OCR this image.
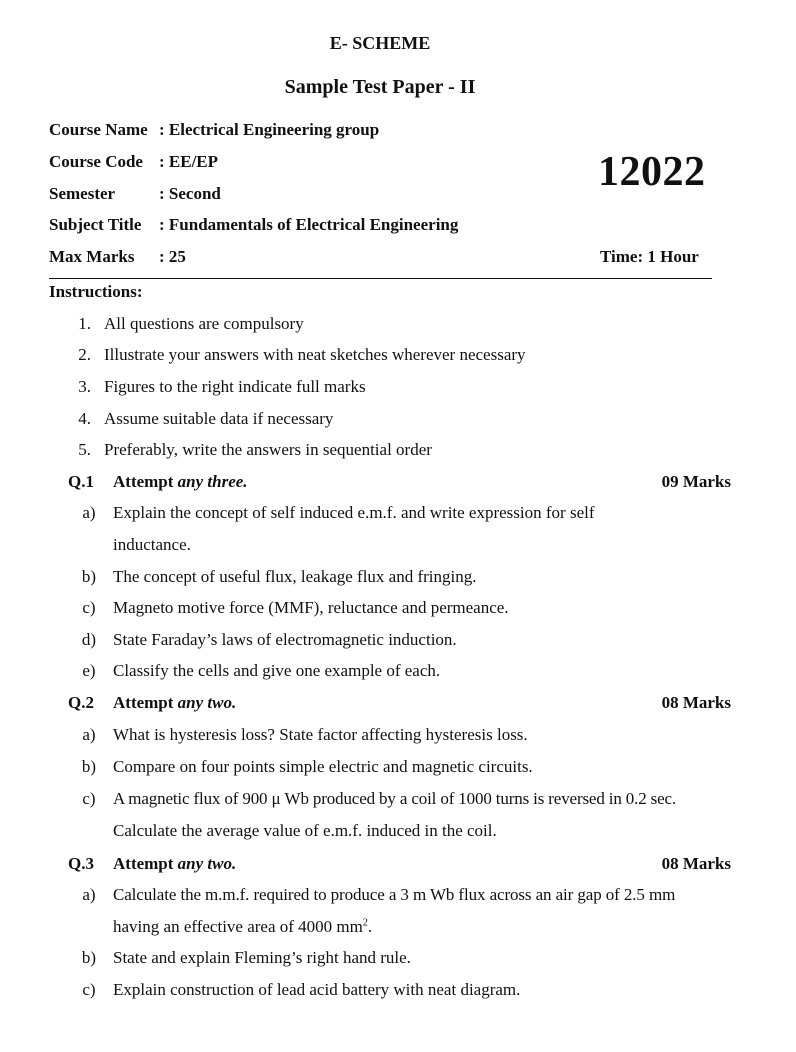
E- SCHEME
Sample Test Paper - II
Course Name : Electrical Engineering group
Course Code : EE/EP	12022
Semester	: Second
Subject Title : Fundamentals of Electrical Engineering
Max Marks : 25	Time: 1 Hour
Instructions:
1. All questions are compulsory
2. Illustrate your answers with neat sketches wherever necessary
3. Figures to the right indicate full marks
4. Assume suitable data if necessary
5. Preferably, write the answers in sequential order
Q.1 Attempt any three.	09 Marks
a)	Explain the concept of self induced e.m.f. and write expression for self
inductance.
b) The concept of useful flux, leakage flux and fringing.
c)	Magneto motive force (MMF), reluctance and permeance.
d) State Faraday’s laws of electromagnetic induction.
e)	Classify the cells and give one example of each.
Q.2 Attempt any two.	08 Marks
a)	What is hysteresis loss? State factor affecting hysteresis loss.
b) Compare on four points simple electric and magnetic circuits.
c)	A magnetic flux of 900 μ Wb produced by a coil of 1000 turns is reversed in 0.2 sec.
Calculate the average value of e.m.f. induced in the coil.
Q.3 Attempt any two.	08 Marks
a)	Calculate the m.m.f. required to produce a 3 m Wb flux across an air gap of 2.5 mm
having an effective area of 4000 $mm^2$.
b) State and explain Fleming’s right hand rule.
c)	Explain construction of lead acid battery with neat diagram.
